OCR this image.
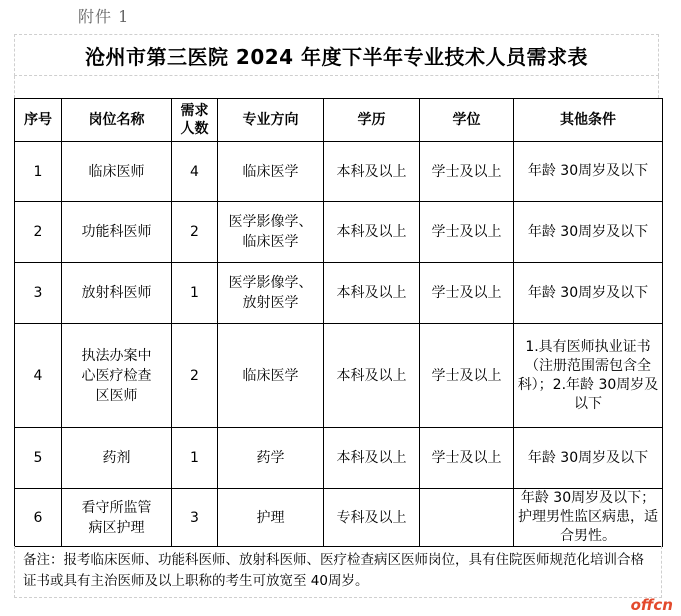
附件 1
沧州市第三医院 2024 年度下半年专业技术人员需求表
序号	岗位名称	需求人数	专业方向	学历	学位	其他条件
1	临床医师	4	临床医学	本科及以上	学士及以上	年龄 30周岁及以下
2	功能科医师	2	医学影像学、临床医学	本科及以上	学士及以上	年龄 30周岁及以下
3	放射科医师	1	医学影像学、放射医学	本科及以上	学士及以上	年龄 30周岁及以下
4	执法办案中心医疗检查区医师	2	临床医学	本科及以上	学士及以上	1.具有医师执业证书（注册范围需包含全科）；2.年龄 30周岁及以下
5	药剂	1	药学	本科及以上	学士及以上	年龄 30周岁及以下
6	看守所监管病区护理	3	护理	专科及以上		年龄 30周岁及以下；护理男性监区病患，适合男性。
备注：报考临床医师、功能科医师、放射科医师、医疗检查病区医师岗位，具有住院医师规范化培训合格证书或具有主治医师及以上职称的考生可放宽至 40周岁。
offcn
